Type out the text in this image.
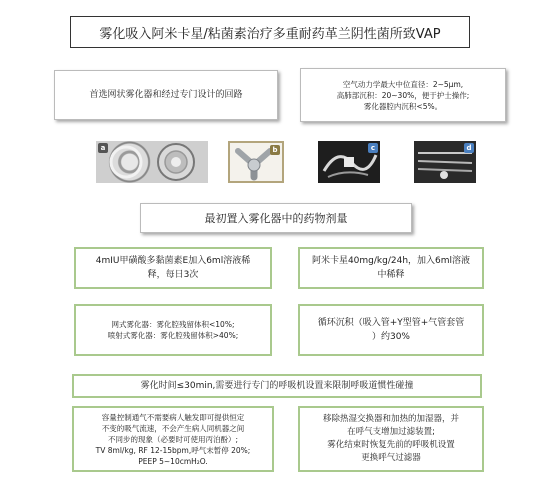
雾化吸入阿米卡星/粘菌素治疗多重耐药革兰阴性菌所致VAP
首选网状雾化器和经过专门设计的回路
空气动力学最大中位直径：2~5μm,
高肺部沉积：20~30%，便于护士操作;
雾化器腔内沉积<5%。
a	b	c	d
最初置入雾化器中的药物剂量
4mIU甲磺酸多黏菌素E加入6ml溶液稀
释，每日3次
阿米卡星40mg/kg/24h，加入6ml溶液
中稀释
网式雾化器：雾化腔残留体积<10%;
喷射式雾化器：雾化腔残留体积>40%;
循环沉积（吸入管+Y型管+气管套管
）约30%
雾化时间≤30min,需要进行专门的呼吸机设置来限制呼吸道惯性碰撞
容量控制通气不需要病人触发即可提供恒定
不变的吸气流速，不会产生病人同机器之间
不同步的现象（必要时可使用丙泊酚）;
TV 8ml/kg, RF 12-15bpm,呼气末暂停 20%;
PEEP 5~10cmH₂O.
移除热湿交换器和加热的加湿器，并
在呼气支增加过滤装置;
雾化结束时恢复先前的呼吸机设置
更换呼气过滤器
